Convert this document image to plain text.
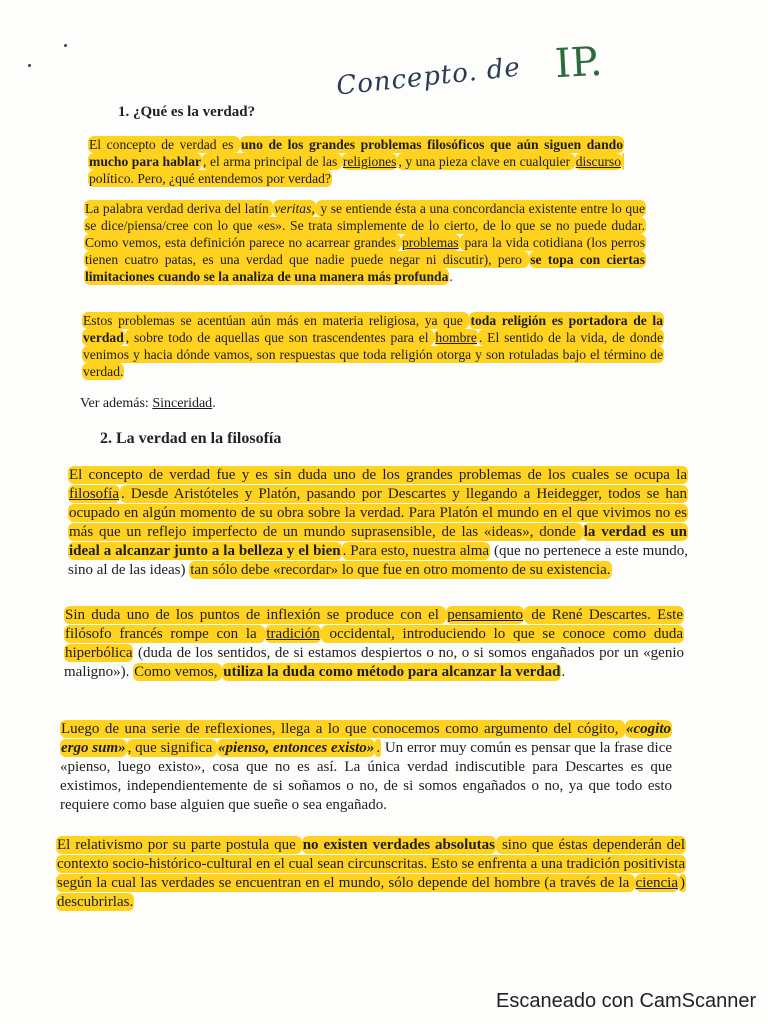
Concepto. de IP.
1. ¿Qué es la verdad?

El concepto de verdad es uno de los grandes problemas filosóficos que aún siguen dando mucho para hablar , el arma principal de las religiones , y una pieza clave en cualquier discurso político. Pero, ¿qué entendemos por verdad?

La palabra verdad deriva del latín veritas, y se entiende ésta a una concordancia existente entre lo que se dice/piensa/cree con lo que «es». Se trata simplemente de lo cierto, de lo que se no puede dudar. Como vemos, esta definición parece no acarrear grandes problemas para la vida cotidiana (los perros tienen cuatro patas, es una verdad que nadie puede negar ni discutir), pero se topa con ciertas limitaciones cuando se la analiza de una manera más profunda.

Estos problemas se acentúan aún más en materia religiosa, ya que toda religión es portadora de la verdad , sobre todo de aquellas que son trascendentes para el hombre . El sentido de la vida, de donde venimos y hacia dónde vamos, son respuestas que toda religión otorga y son rotuladas bajo el término de verdad.

Ver además: Sinceridad.
2. La verdad en la filosofía

El concepto de verdad fue y es sin duda uno de los grandes problemas de los cuales se ocupa la filosofía . Desde Aristóteles y Platón, pasando por Descartes y llegando a Heidegger, todos se han ocupado en algún momento de su obra sobre la verdad. Para Platón el mundo en el que vivimos no es más que un reflejo imperfecto de un mundo suprasensible, de las «ideas», donde la verdad es un ideal a alcanzar junto a la belleza y el bien . Para esto, nuestra alma (que no pertenece a este mundo, sino al de las ideas) tan sólo debe «recordar» lo que fue en otro momento de su existencia.

Sin duda uno de los puntos de inflexión se produce con el pensamiento de René Descartes. Este filósofo francés rompe con la tradición occidental, introduciendo lo que se conoce como duda hiperbólica (duda de los sentidos, de si estamos despiertos o no, o si somos engañados por un «genio maligno»). Como vemos, utiliza la duda como método para alcanzar la verdad.

Luego de una serie de reflexiones, llega a lo que conocemos como argumento del cógito, «cogito ergo sum» , que significa «pienso, entonces existo» . Un error muy común es pensar que la frase dice «pienso, luego existo», cosa que no es así. La única verdad indiscutible para Descartes es que existimos, independientemente de si soñamos o no, de si somos engañados o no, ya que todo esto requiere como base alguien que sueñe o sea engañado.

El relativismo por su parte postula que no existen verdades absolutas sino que éstas dependerán del contexto socio-histórico-cultural en el cual sean circunscritas. Esto se enfrenta a una tradición positivista según la cual las verdades se encuentran en el mundo, sólo depende del hombre (a través de la ciencia ) descubrirlas.

Escaneado con CamScanner
